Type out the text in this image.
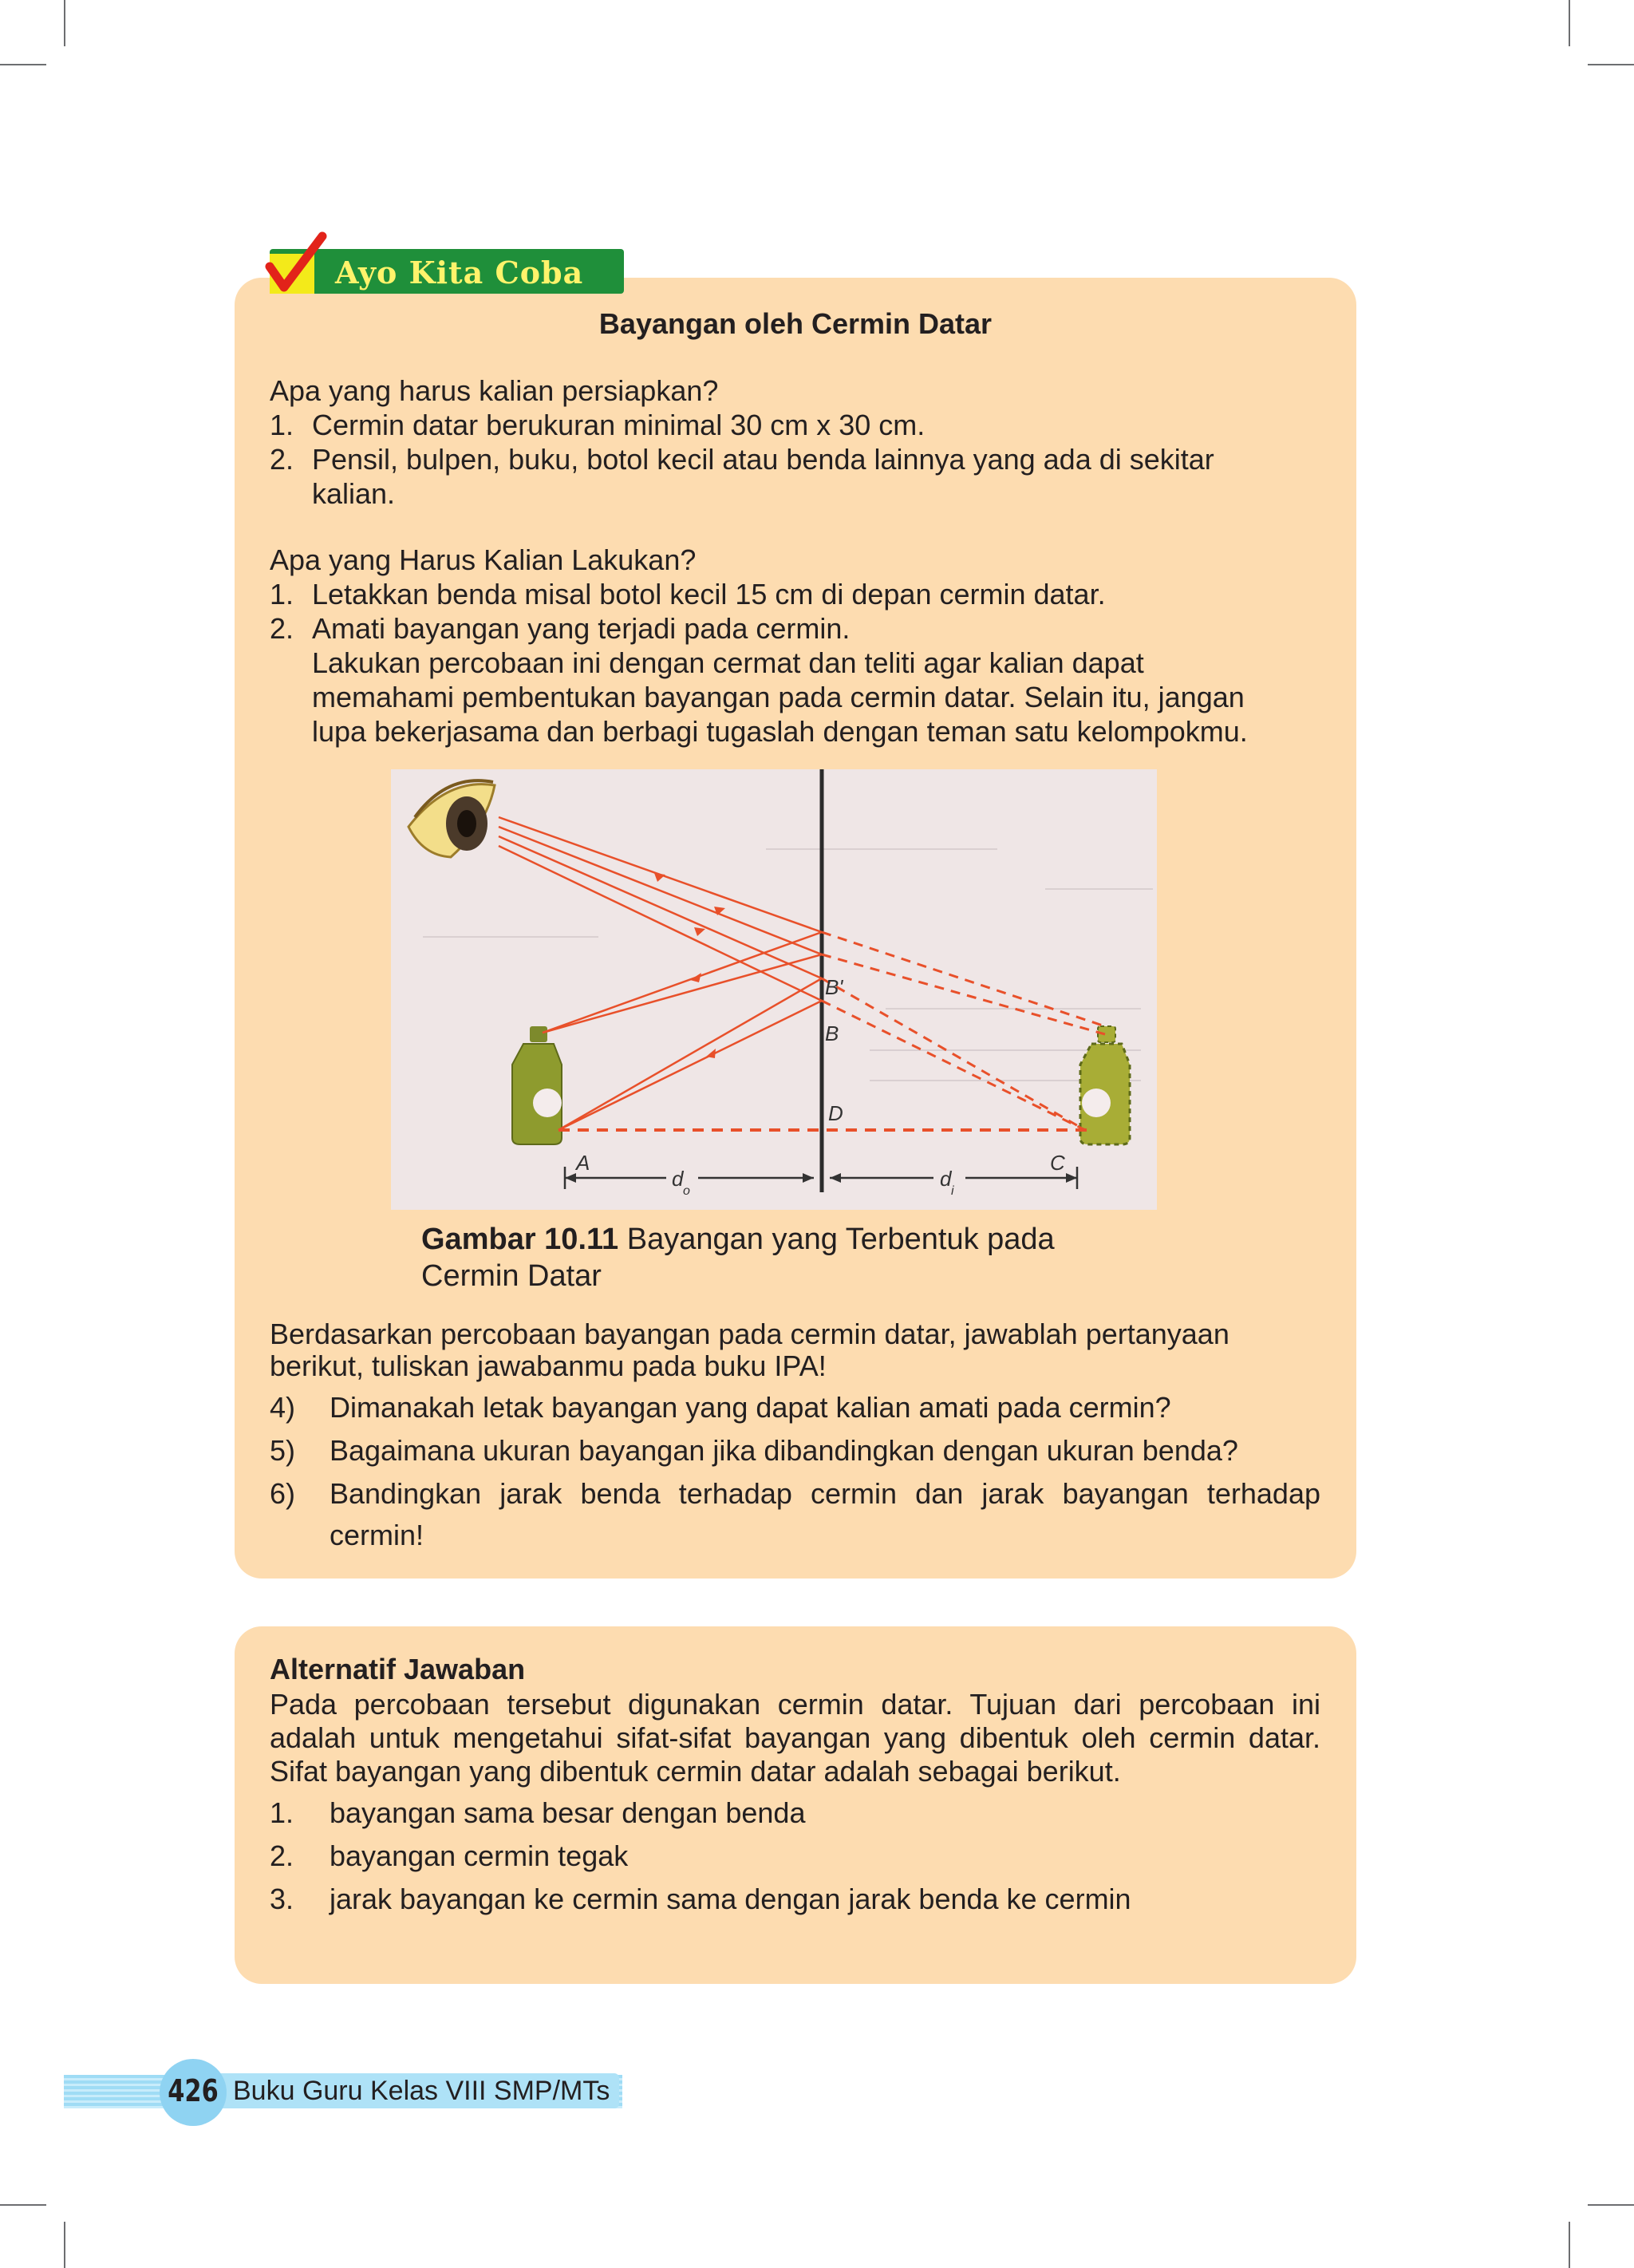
Ayo Kita Coba
Bayangan oleh Cermin Datar
Apa yang harus kalian persiapkan?
1. Cermin datar berukuran minimal 30 cm x 30 cm.
2. Pensil, bulpen, buku, botol kecil atau benda lainnya yang ada di sekitar
kalian.
Apa yang Harus Kalian Lakukan?
1. Letakkan benda misal botol kecil 15 cm di depan cermin datar.
2. Amati bayangan yang terjadi pada cermin.
Lakukan percobaan ini dengan cermat dan teliti agar kalian dapat
memahami pembentukan bayangan pada cermin datar. Selain itu, jangan
lupa bekerjasama dan berbagi tugaslah dengan teman satu kelompokmu.
B'
B
D
A	C
d
o
d
i
Gambar 10.11 Bayangan yang Terbentuk pada
Cermin Datar
Berdasarkan percobaan bayangan pada cermin datar, jawablah pertanyaan
berikut, tuliskan jawabanmu pada buku IPA!
4) Dimanakah letak bayangan yang dapat kalian amati pada cermin?
5) Bagaimana ukuran bayangan jika dibandingkan dengan ukuran benda?
6) Bandingkan jarak benda terhadap cermin dan jarak bayangan terhadap
cermin!
Alternatif Jawaban
Pada percobaan tersebut digunakan cermin datar. Tujuan dari percobaan ini
adalah untuk mengetahui sifat-sifat bayangan yang dibentuk oleh cermin datar.
Sifat bayangan yang dibentuk cermin datar adalah sebagai berikut.
1. bayangan sama besar dengan benda
2. bayangan cermin tegak
3. jarak bayangan ke cermin sama dengan jarak benda ke cermin
426 Buku Guru Kelas VIII SMP/MTs
